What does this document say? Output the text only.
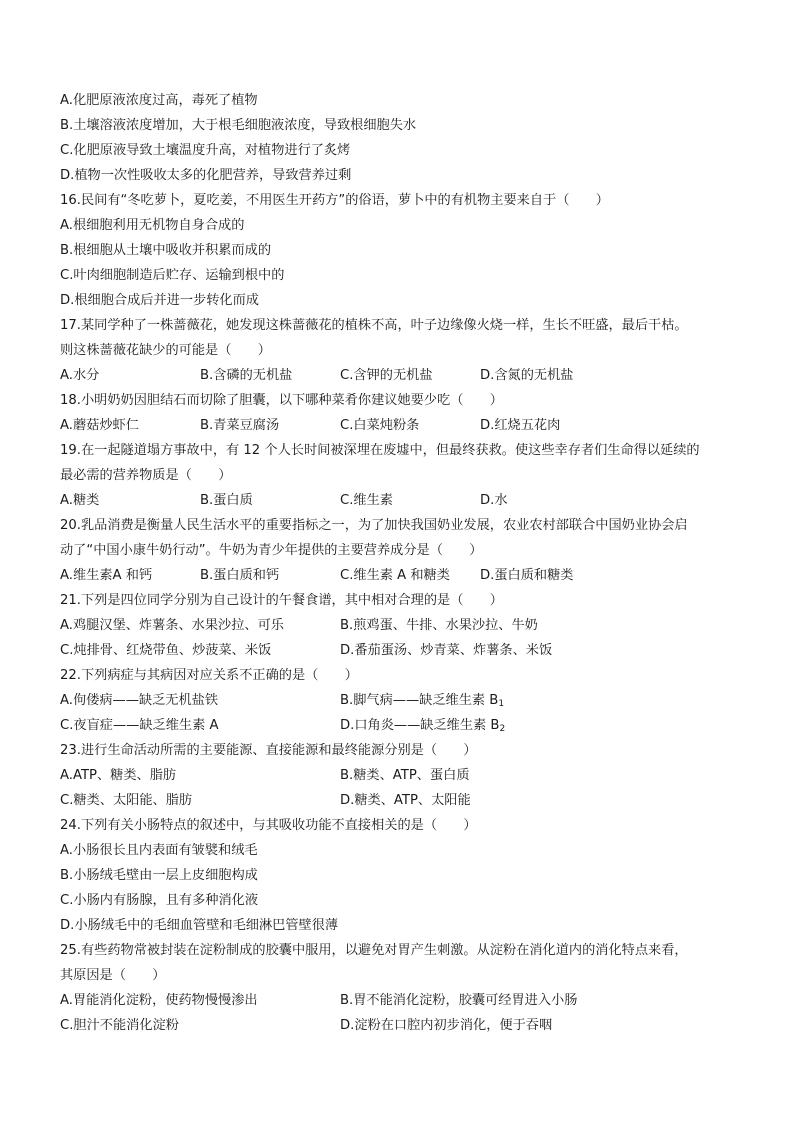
A.化肥原液浓度过高，毒死了植物
B.土壤溶液浓度增加，大于根毛细胞液浓度，导致根细胞失水
C.化肥原液导致土壤温度升高，对植物进行了炙烤
D.植物一次性吸收太多的化肥营养，导致营养过剩
16.民间有“冬吃萝卜，夏吃姜，不用医生开药方”的俗语，萝卜中的有机物主要来自于（　　）
A.根细胞利用无机物自身合成的
B.根细胞从土壤中吸收并积累而成的
C.叶肉细胞制造后贮存、运输到根中的
D.根细胞合成后并进一步转化而成
17.某同学种了一株蔷薇花，她发现这株蔷薇花的植株不高，叶子边缘像火烧一样，生长不旺盛，最后干枯。
则这株蔷薇花缺少的可能是（　　）
A.水分	B.含磷的无机盐	C.含钾的无机盐	D.含氮的无机盐
18.小明奶奶因胆结石而切除了胆囊，以下哪种菜肴你建议她要少吃（　　）
A.蘑菇炒虾仁	B.青菜豆腐汤	C.白菜炖粉条	D.红烧五花肉
19.在一起隧道塌方事故中，有 12 个人长时间被深埋在废墟中，但最终获救。使这些幸存者们生命得以延续的
最必需的营养物质是（　　）
A.糖类	B.蛋白质	C.维生素	D.水
20.乳品消费是衡量人民生活水平的重要指标之一，为了加快我国奶业发展，农业农村部联合中国奶业协会启
动了“中国小康牛奶行动”。牛奶为青少年提供的主要营养成分是（　　）
A.维生素A 和钙	B.蛋白质和钙	C.维生素 A 和糖类	D.蛋白质和糖类
21.下列是四位同学分别为自己设计的午餐食谱，其中相对合理的是（　　）
A.鸡腿汉堡、炸薯条、水果沙拉、可乐	B.煎鸡蛋、牛排、水果沙拉、牛奶
C.炖排骨、红烧带鱼、炒菠菜、米饭	D.番茄蛋汤、炒青菜、炸薯条、米饭
22.下列病症与其病因对应关系不正确的是（　　）
A.佝偻病——缺乏无机盐铁	B.脚气病——缺乏维生素 $B_1$
C.夜盲症——缺乏维生素 A	D.口角炎——缺乏维生素 $B_2$
23.进行生命活动所需的主要能源、直接能源和最终能源分别是（　　）
A.ATP、糖类、脂肪	B.糖类、ATP、蛋白质
C.糖类、太阳能、脂肪	D.糖类、ATP、太阳能
24.下列有关小肠特点的叙述中，与其吸收功能不直接相关的是（　　）
A.小肠很长且内表面有皱襞和绒毛
B.小肠绒毛壁由一层上皮细胞构成
C.小肠内有肠腺，且有多种消化液
D.小肠绒毛中的毛细血管壁和毛细淋巴管壁很薄
25.有些药物常被封装在淀粉制成的胶囊中服用，以避免对胃产生刺激。从淀粉在消化道内的消化特点来看，
其原因是（　　）
A.胃能消化淀粉，使药物慢慢渗出	B.胃不能消化淀粉，胶囊可经胃进入小肠
C.胆汁不能消化淀粉	D.淀粉在口腔内初步消化，便于吞咽
